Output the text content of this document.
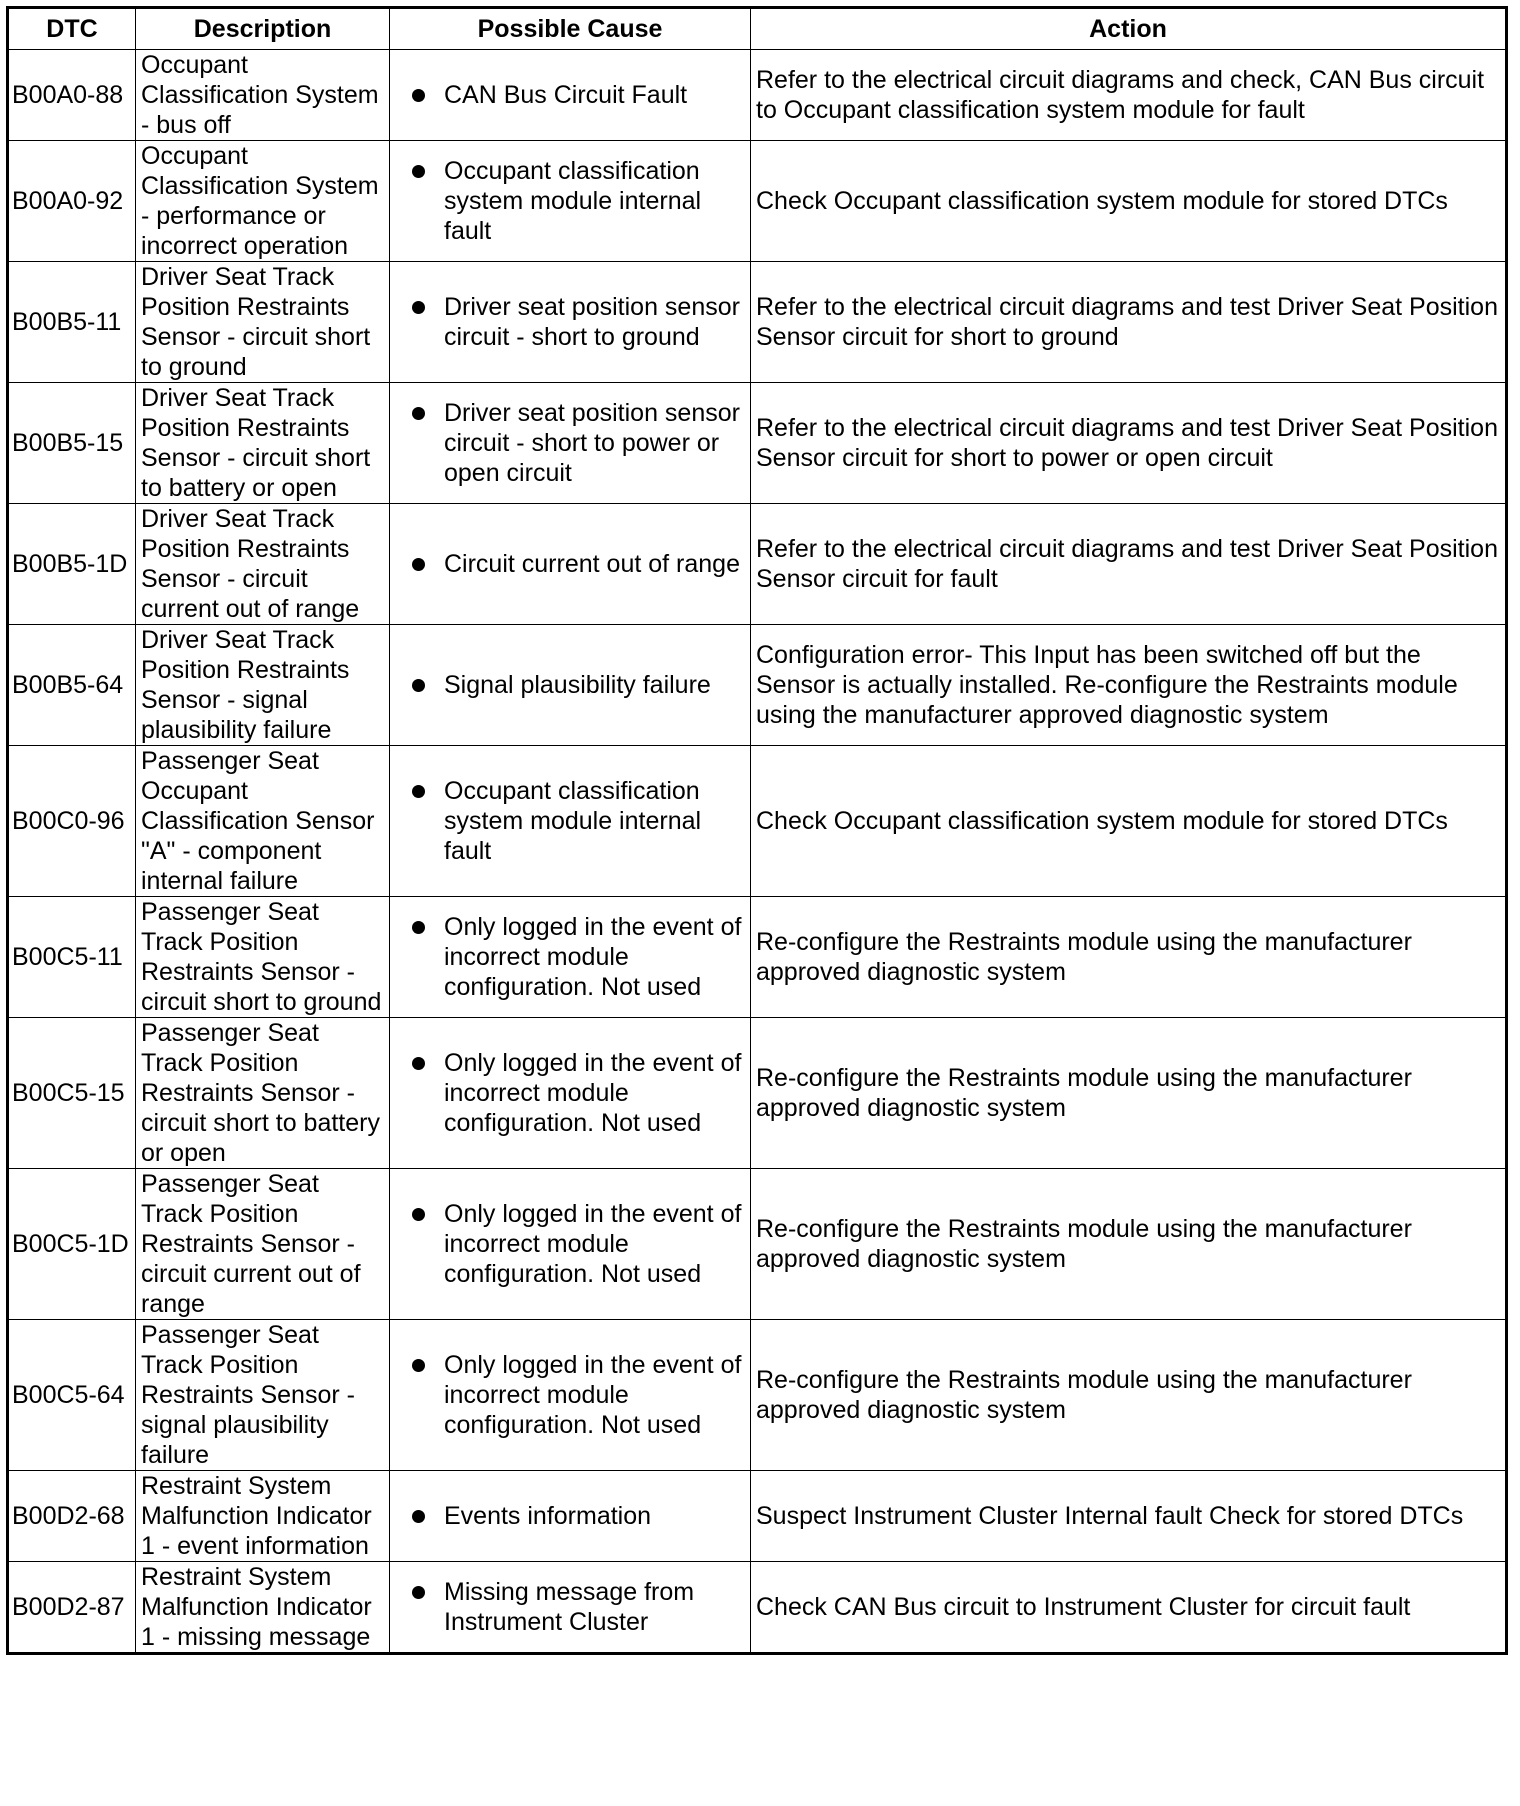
DTC	Description	Possible Cause	Action
B00A0-88	Occupant Classification System - bus off	CAN Bus Circuit Fault	Refer to the electrical circuit diagrams and check, CAN Bus circuit to Occupant classification system module for fault
B00A0-92	Occupant Classification System - performance or incorrect operation	Occupant classification system module internal fault	Check Occupant classification system module for stored DTCs
B00B5-11	Driver Seat Track Position Restraints Sensor - circuit short to ground	Driver seat position sensor circuit - short to ground	Refer to the electrical circuit diagrams and test Driver Seat Position Sensor circuit for short to ground
B00B5-15	Driver Seat Track Position Restraints Sensor - circuit short to battery or open	Driver seat position sensor circuit - short to power or open circuit	Refer to the electrical circuit diagrams and test Driver Seat Position Sensor circuit for short to power or open circuit
B00B5-1D	Driver Seat Track Position Restraints Sensor - circuit current out of range	Circuit current out of range	Refer to the electrical circuit diagrams and test Driver Seat Position Sensor circuit for fault
B00B5-64	Driver Seat Track Position Restraints Sensor - signal plausibility failure	Signal plausibility failure	Configuration error- This Input has been switched off but the Sensor is actually installed. Re-configure the Restraints module using the manufacturer approved diagnostic system
B00C0-96	Passenger Seat Occupant Classification Sensor "A" - component internal failure	Occupant classification system module internal fault	Check Occupant classification system module for stored DTCs
B00C5-11	Passenger Seat Track Position Restraints Sensor - circuit short to ground	Only logged in the event of incorrect module configuration. Not used	Re-configure the Restraints module using the manufacturer approved diagnostic system
B00C5-15	Passenger Seat Track Position Restraints Sensor - circuit short to battery or open	Only logged in the event of incorrect module configuration. Not used	Re-configure the Restraints module using the manufacturer approved diagnostic system
B00C5-1D	Passenger Seat Track Position Restraints Sensor - circuit current out of range	Only logged in the event of incorrect module configuration. Not used	Re-configure the Restraints module using the manufacturer approved diagnostic system
B00C5-64	Passenger Seat Track Position Restraints Sensor - signal plausibility failure	Only logged in the event of incorrect module configuration. Not used	Re-configure the Restraints module using the manufacturer approved diagnostic system
B00D2-68	Restraint System Malfunction Indicator 1 - event information	Events information	Suspect Instrument Cluster Internal fault Check for stored DTCs
B00D2-87	Restraint System Malfunction Indicator 1 - missing message	Missing message from Instrument Cluster	Check CAN Bus circuit to Instrument Cluster for circuit fault
